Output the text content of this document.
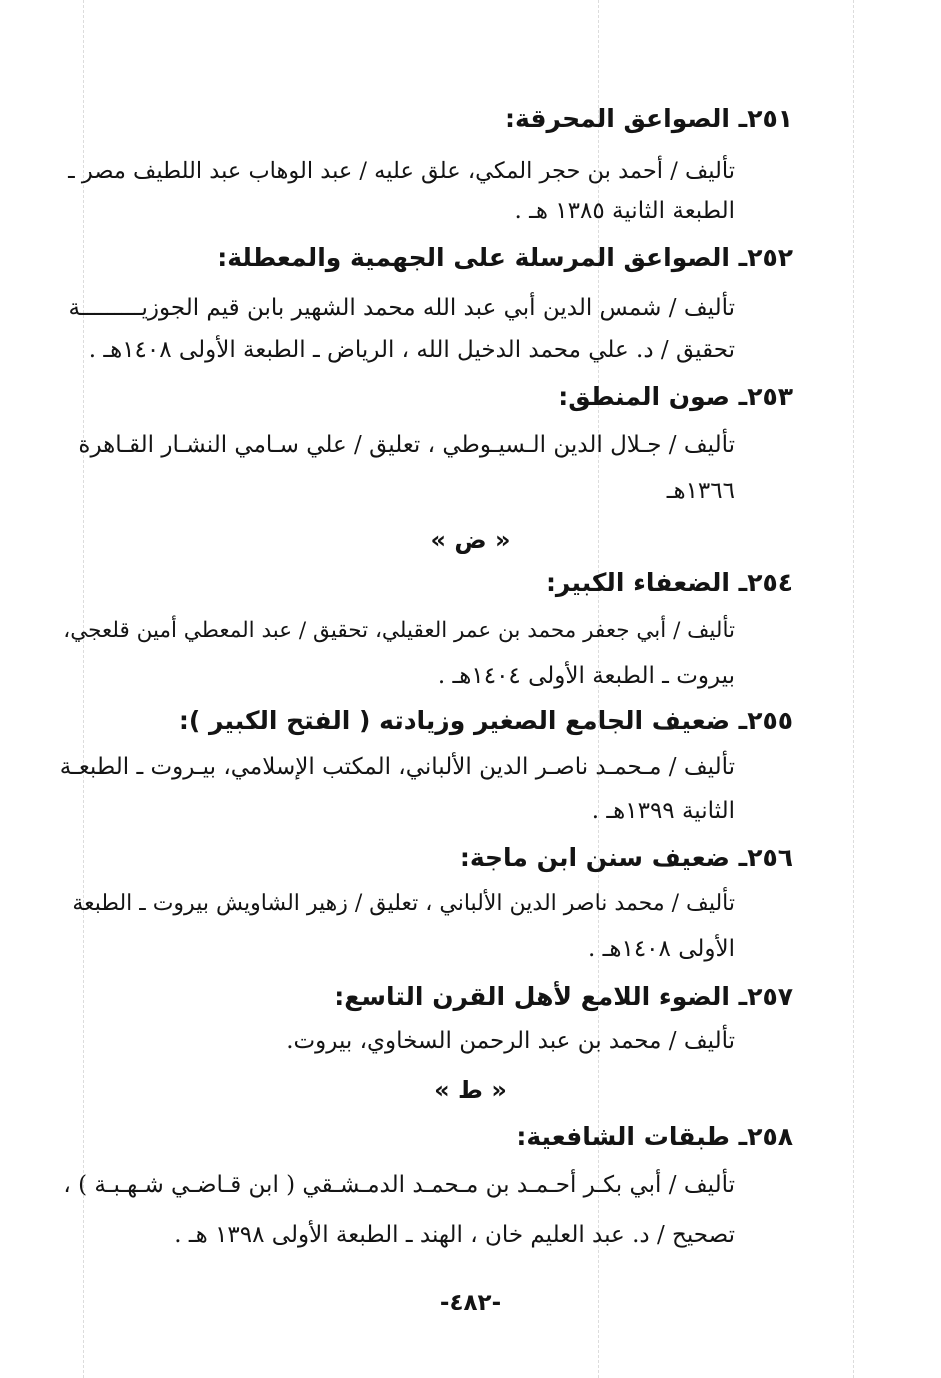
٢٥١ـ الصواعق المحرقة:
تأليف / أحمد بن حجر المكي، علق عليه / عبد الوهاب عبد اللطيف مصر ـ
الطبعة الثانية ١٣٨٥ هـ .
٢٥٢ـ الصواعق المرسلة على الجهمية والمعطلة:
تأليف / شمس الدين أبي عبد الله محمد الشهير بابن قيم الجوزيـــــــــة
تحقيق / د. علي محمد الدخيل الله ، الرياض ـ الطبعة الأولى ١٤٠٨هـ .
٢٥٣ـ صون المنطق:
تأليف / جـلال الدين الـسيـوطي ، تعليق / علي سـامي النشـار القـاهرة
١٣٦٦هـ
« ض »
٢٥٤ـ الضعفاء الكبير:
تأليف / أبي جعفر محمد بن عمر العقيلي، تحقيق / عبد المعطي أمين قلعجي،
بيروت ـ الطبعة الأولى ١٤٠٤هـ .
٢٥٥ـ ضعيف الجامع الصغير وزيادته ( الفتح الكبير ):
تأليف / مـحمـد ناصـر الدين الألباني، المكتب الإسلامي، بيـروت ـ الطبعـة
الثانية ١٣٩٩هـ .
٢٥٦ـ ضعيف سنن ابن ماجة:
تأليف / محمد ناصر الدين الألباني ، تعليق / زهير الشاويش بيروت ـ الطبعة
الأولى ١٤٠٨هـ .
٢٥٧ـ الضوء اللامع لأهل القرن التاسع:
تأليف / محمد بن عبد الرحمن السخاوي، بيروت.
« ط »
٢٥٨ـ طبقات الشافعية:
تأليف / أبي بكـر أحـمـد بن مـحمـد الدمـشـقي ( ابن قـاضـي شـهـبـة ) ،
تصحيح / د. عبد العليم خان ، الهند ـ الطبعة الأولى ١٣٩٨ هـ .
-٤٨٢-
